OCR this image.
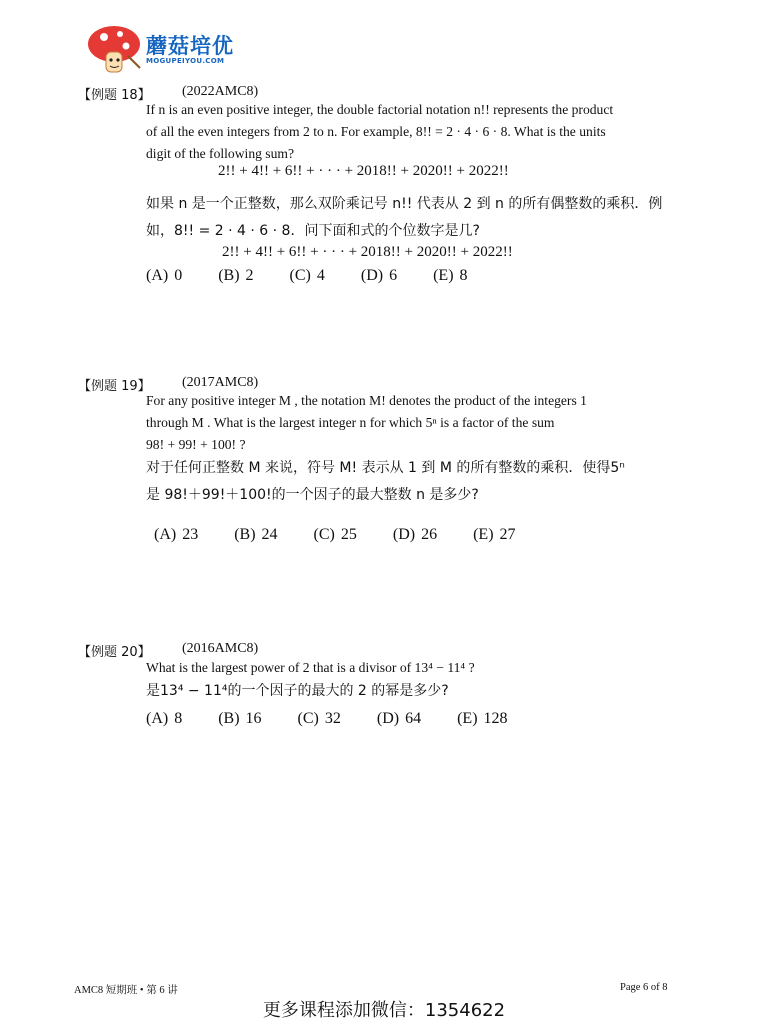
蘑菇培优
MOGUPEIYOU.COM
【例题 18】 (2022AMC8)
If n is an even positive integer, the double factorial notation n!! represents the product
of all the even integers from 2 to n. For example, 8!! = 2 · 4 · 6 · 8. What is the units
digit of the following sum?
2!! + 4!! + 6!! + · · · + 2018!! + 2020!! + 2022!!
如果 n 是一个正整数，那么双阶乘记号 n!! 代表从 2 到 n 的所有偶整数的乘积．例
如，8!! = 2 · 4 · 6 · 8．问下面和式的个位数字是几?
2!! + 4!! + 6!! + · · · + 2018!! + 2020!! + 2022!!
(A) 0 (B) 2 (C) 4 (D) 6 (E) 8
【例题 19】 (2017AMC8)
For any positive integer M , the notation M! denotes the product of the integers 1
through M . What is the largest integer n for which 5ⁿ is a factor of the sum
98! + 99! + 100! ?
对于任何正整数 M 来说，符号 M! 表示从 1 到 M 的所有整数的乘积．使得5ⁿ
是 98!＋99!＋100!的一个因子的最大整数 n 是多少?
(A) 23 (B) 24 (C) 25 (D) 26 (E) 27
【例题 20】 (2016AMC8)
What is the largest power of 2 that is a divisor of 13⁴ − 11⁴ ?
是13⁴ − 11⁴的一个因子的最大的 2 的幂是多少?
(A) 8 (B) 16 (C) 32 (D) 64 (E) 128
AMC8 短期班 • 第 6 讲	Page 6 of 8
更多课程添加微信：1354622
